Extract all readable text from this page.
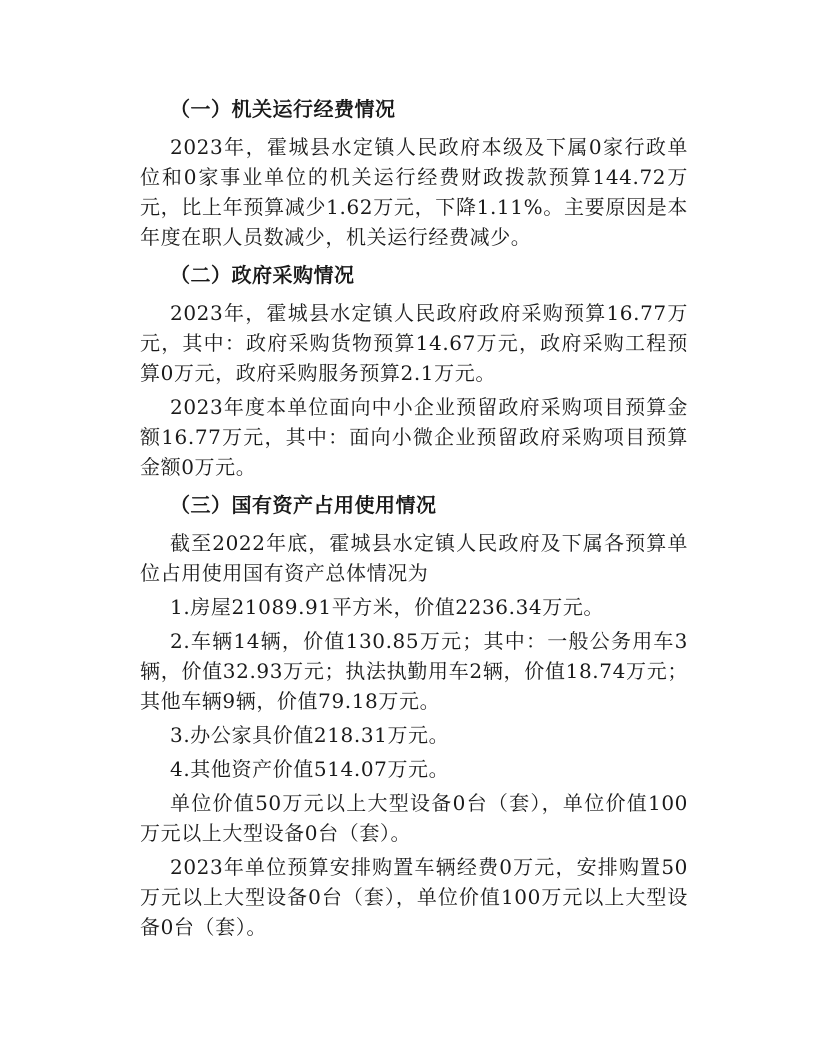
（一）机关运行经费情况

2023年，霍城县水定镇人民政府本级及下属0家行政单位和0家事业单位的机关运行经费财政拨款预算144.72万元，比上年预算减少1.62万元，下降1.11%。主要原因是本年度在职人员数减少，机关运行经费减少。

（二）政府采购情况

2023年，霍城县水定镇人民政府政府采购预算16.77万元，其中：政府采购货物预算14.67万元，政府采购工程预算0万元，政府采购服务预算2.1万元。

2023年度本单位面向中小企业预留政府采购项目预算金额16.77万元，其中：面向小微企业预留政府采购项目预算金额0万元。

（三）国有资产占用使用情况

截至2022年底，霍城县水定镇人民政府及下属各预算单位占用使用国有资产总体情况为

1.房屋21089.91平方米，价值2236.34万元。

2.车辆14辆，价值130.85万元；其中：一般公务用车3辆，价值32.93万元；执法执勤用车2辆，价值18.74万元；其他车辆9辆，价值79.18万元。

3.办公家具价值218.31万元。

4.其他资产价值514.07万元。

单位价值50万元以上大型设备0台（套），单位价值100万元以上大型设备0台（套）。

2023年单位预算安排购置车辆经费0万元，安排购置50万元以上大型设备0台（套），单位价值100万元以上大型设备0台（套）。
